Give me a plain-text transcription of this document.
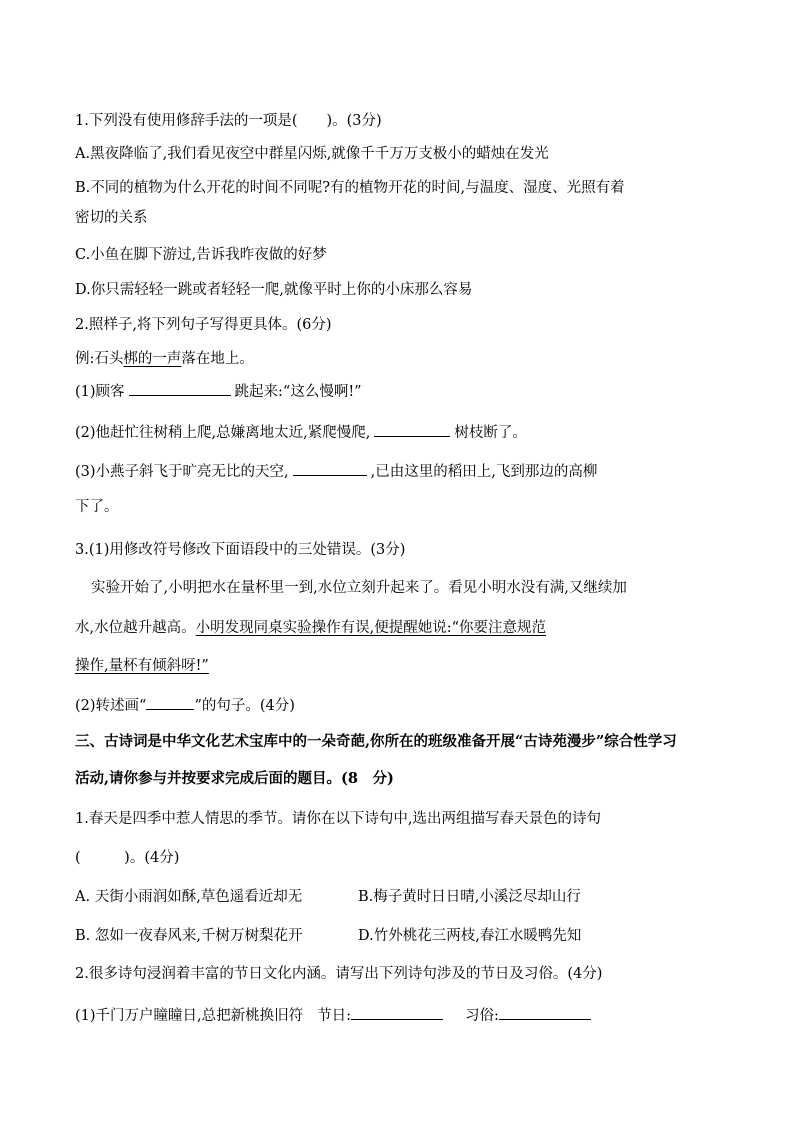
1.下列没有使用修辞手法的一项是(　　)。(3分)
A.黑夜降临了,我们看见夜空中群星闪烁,就像千千万万支极小的蜡烛在发光
B.不同的植物为什么开花的时间不同呢?有的植物开花的时间,与温度、湿度、光照有着
密切的关系
C.小鱼在脚下游过,告诉我昨夜做的好梦
D.你只需轻轻一跳或者轻轻一爬,就像平时上你的小床那么容易
2.照样子,将下列句子写得更具体。(6分)
例:石头梆的一声落在地上。
(1)顾客	跳起来:“这么慢啊!”
(2)他赶忙往树稍上爬,总嫌离地太近,紧爬慢爬,	树枝断了。
(3)小燕子斜飞于旷亮无比的天空,	,已由这里的稻田上,飞到那边的高柳
下了。
3.(1)用修改符号修改下面语段中的三处错误。(3分)
实验开始了,小明把水在量杯里一到,水位立刻升起来了。看见小明水没有满,又继续加
水,水位越升越高。小明发现同桌实验操作有误,便提醒她说:“你要注意规范
操作,量杯有倾斜呀!”
(2)转述画“	”的句子。(4分)
三、古诗词是中华文化艺术宝库中的一朵奇葩,你所在的班级准备开展“古诗苑漫步”综合性学习
活动,请你参与并按要求完成后面的题目。(8　分)
1.春天是四季中惹人情思的季节。请你在以下诗句中,选出两组描写春天景色的诗句
(　　　)。(4分)
A. 天街小雨润如酥,草色遥看近却无	B.梅子黄时日日晴,小溪泛尽却山行
B. 忽如一夜春风来,千树万树梨花开	D.竹外桃花三两枝,春江水暖鸭先知
2.很多诗句浸润着丰富的节日文化内涵。请写出下列诗句涉及的节日及习俗。(4分)
(1)千门万户瞳瞳日,总把新桃换旧符 节日:	习俗:
